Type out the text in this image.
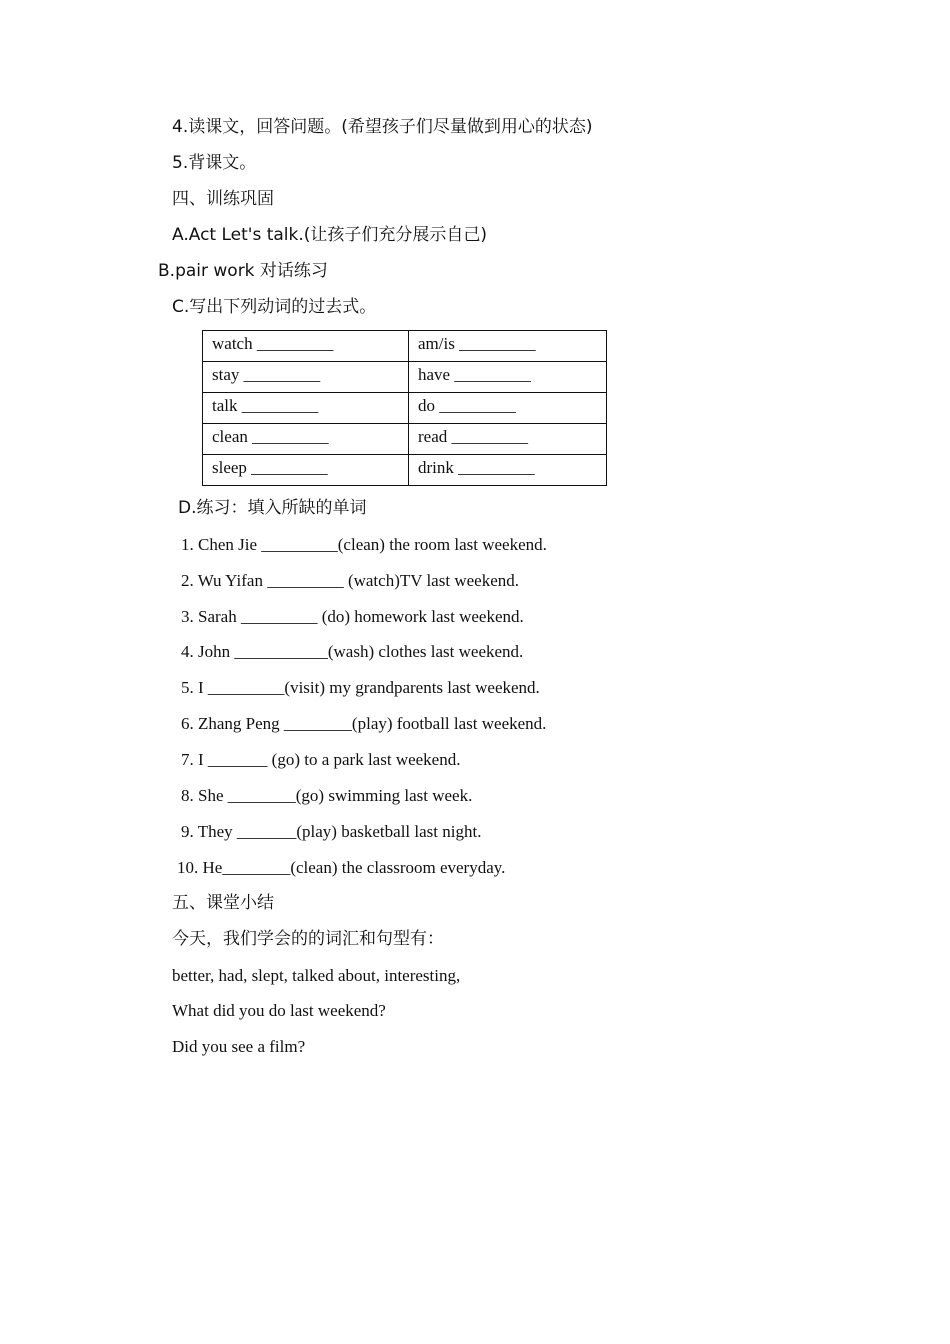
4.读课文，回答问题。(希望孩子们尽量做到用心的状态)
5.背课文。
四、训练巩固
A.Act Let's talk.(让孩子们充分展示自己)
B.pair work 对话练习
C.写出下列动词的过去式。
watch _________	am/is _________
stay _________	have _________
talk _________	do _________
clean _________	read _________
sleep _________	drink _________
D.练习：填入所缺的单词
1. Chen Jie _________(clean) the room last weekend.
2. Wu Yifan _________ (watch)TV last weekend.
3. Sarah _________ (do) homework last weekend.
4. John ___________(wash) clothes last weekend.
5. I _________(visit) my grandparents last weekend.
6. Zhang Peng ________(play) football last weekend.
7. I _______ (go) to a park last weekend.
8. She ________(go) swimming last week.
9. They _______(play) basketball last night.
10. He________(clean) the classroom everyday.
五、课堂小结
今天，我们学会的的词汇和句型有：
better, had, slept, talked about, interesting,
What did you do last weekend?
Did you see a film?
